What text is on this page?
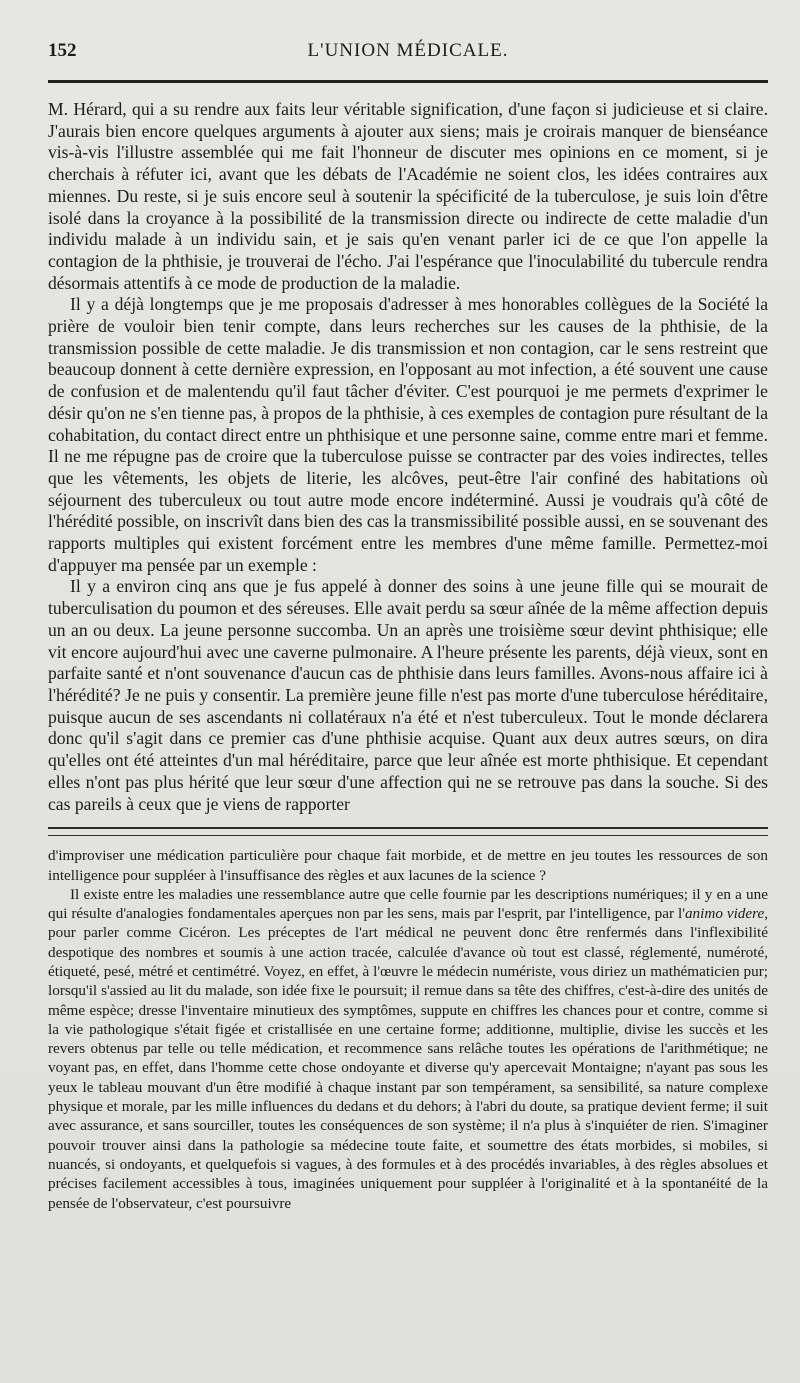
152	L'UNION MÉDICALE.

M. Hérard, qui a su rendre aux faits leur véritable signification, d'une façon si judicieuse et si claire. J'aurais bien encore quelques arguments à ajouter aux siens; mais je croirais manquer de bienséance vis-à-vis l'illustre assemblée qui me fait l'honneur de discuter mes opinions en ce moment, si je cherchais à réfuter ici, avant que les débats de l'Académie ne soient clos, les idées contraires aux miennes. Du reste, si je suis encore seul à soutenir la spécificité de la tuberculose, je suis loin d'être isolé dans la croyance à la possibilité de la transmission directe ou indirecte de cette maladie d'un individu malade à un individu sain, et je sais qu'en venant parler ici de ce que l'on appelle la contagion de la phthisie, je trouverai de l'écho. J'ai l'espérance que l'inoculabilité du tubercule rendra désormais attentifs à ce mode de production de la maladie.

Il y a déjà longtemps que je me proposais d'adresser à mes honorables collègues de la Société la prière de vouloir bien tenir compte, dans leurs recherches sur les causes de la phthisie, de la transmission possible de cette maladie. Je dis transmission et non contagion, car le sens restreint que beaucoup donnent à cette dernière expression, en l'opposant au mot infection, a été souvent une cause de confusion et de malentendu qu'il faut tâcher d'éviter. C'est pourquoi je me permets d'exprimer le désir qu'on ne s'en tienne pas, à propos de la phthisie, à ces exemples de contagion pure résultant de la cohabitation, du contact direct entre un phthisique et une personne saine, comme entre mari et femme. Il ne me répugne pas de croire que la tuberculose puisse se contracter par des voies indirectes, telles que les vêtements, les objets de literie, les alcôves, peut-être l'air confiné des habitations où séjournent des tuberculeux ou tout autre mode encore indéterminé. Aussi je voudrais qu'à côté de l'hérédité possible, on inscrivît dans bien des cas la transmissibilité possible aussi, en se souvenant des rapports multiples qui existent forcément entre les membres d'une même famille. Permettez-moi d'appuyer ma pensée par un exemple :

Il y a environ cinq ans que je fus appelé à donner des soins à une jeune fille qui se mourait de tuberculisation du poumon et des séreuses. Elle avait perdu sa sœur aînée de la même affection depuis un an ou deux. La jeune personne succomba. Un an après une troisième sœur devint phthisique; elle vit encore aujourd'hui avec une caverne pulmonaire. A l'heure présente les parents, déjà vieux, sont en parfaite santé et n'ont souvenance d'aucun cas de phthisie dans leurs familles. Avons-nous affaire ici à l'hérédité? Je ne puis y consentir. La première jeune fille n'est pas morte d'une tuberculose héréditaire, puisque aucun de ses ascendants ni collatéraux n'a été et n'est tuberculeux. Tout le monde déclarera donc qu'il s'agit dans ce premier cas d'une phthisie acquise. Quant aux deux autres sœurs, on dira qu'elles ont été atteintes d'un mal héréditaire, parce que leur aînée est morte phthisique. Et cependant elles n'ont pas plus hérité que leur sœur d'une affection qui ne se retrouve pas dans la souche. Si des cas pareils à ceux que je viens de rapporter

d'improviser une médication particulière pour chaque fait morbide, et de mettre en jeu toutes les ressources de son intelligence pour suppléer à l'insuffisance des règles et aux lacunes de la science ?

Il existe entre les maladies une ressemblance autre que celle fournie par les descriptions numériques; il y en a une qui résulte d'analogies fondamentales aperçues non par les sens, mais par l'esprit, par l'intelligence, par l'animo videre, pour parler comme Cicéron. Les préceptes de l'art médical ne peuvent donc être renfermés dans l'inflexibilité despotique des nombres et soumis à une action tracée, calculée d'avance où tout est classé, réglementé, numéroté, étiqueté, pesé, métré et centimétré. Voyez, en effet, à l'œuvre le médecin numériste, vous diriez un mathématicien pur; lorsqu'il s'assied au lit du malade, son idée fixe le poursuit; il remue dans sa tête des chiffres, c'est-à-dire des unités de même espèce; dresse l'inventaire minutieux des symptômes, suppute en chiffres les chances pour et contre, comme si la vie pathologique s'était figée et cristallisée en une certaine forme; additionne, multiplie, divise les succès et les revers obtenus par telle ou telle médication, et recommence sans relâche toutes les opérations de l'arithmétique; ne voyant pas, en effet, dans l'homme cette chose ondoyante et diverse qu'y apercevait Montaigne; n'ayant pas sous les yeux le tableau mouvant d'un être modifié à chaque instant par son tempérament, sa sensibilité, sa nature complexe physique et morale, par les mille influences du dedans et du dehors; à l'abri du doute, sa pratique devient ferme; il suit avec assurance, et sans sourciller, toutes les conséquences de son système; il n'a plus à s'inquiéter de rien. S'imaginer pouvoir trouver ainsi dans la pathologie sa médecine toute faite, et soumettre des états morbides, si mobiles, si nuancés, si ondoyants, et quelquefois si vagues, à des formules et à des procédés invariables, à des règles absolues et précises facilement accessibles à tous, imaginées uniquement pour suppléer à l'originalité et à la spontanéité de la pensée de l'observateur, c'est poursuivre
